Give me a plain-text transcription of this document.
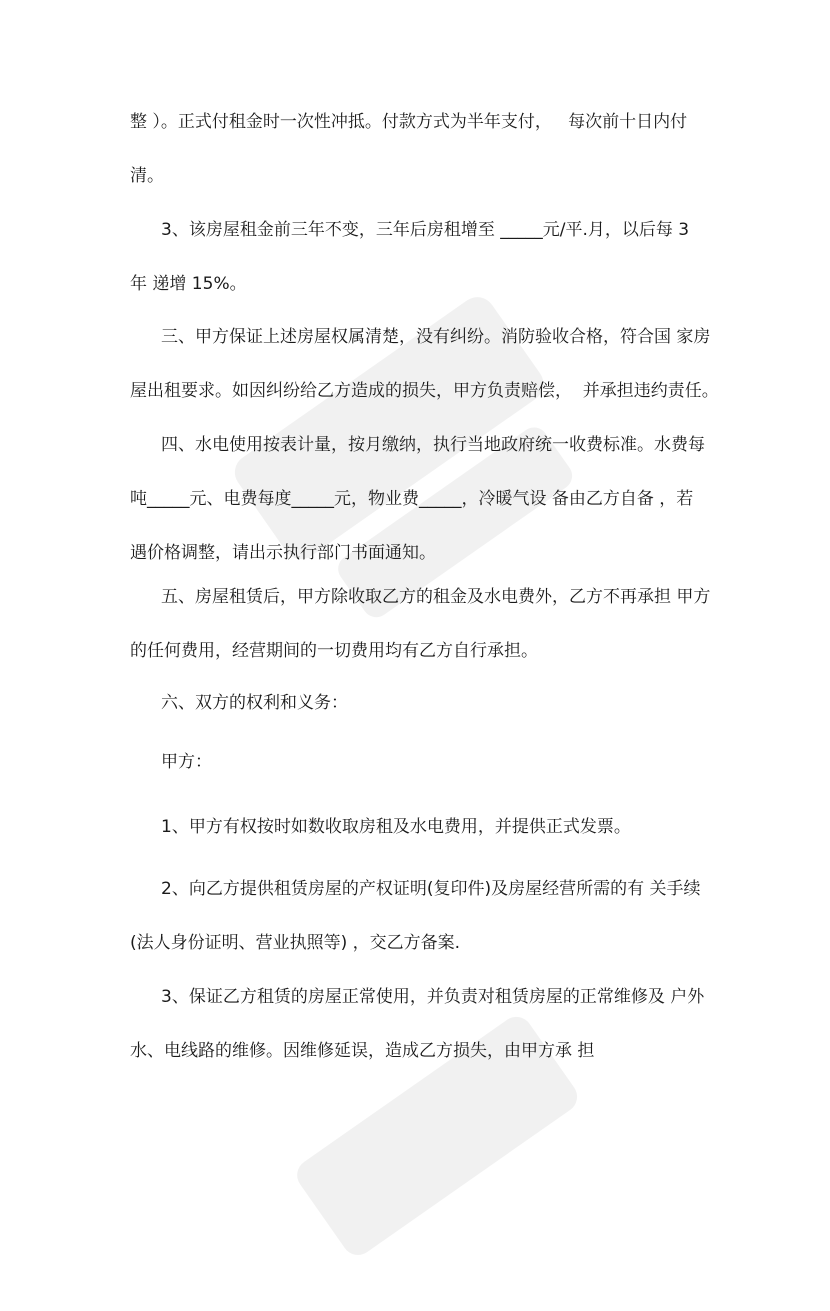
整 ）。正式付租金时一次性冲抵。付款方式为半年支付，   每次前十日内付
清。
3、该房屋租金前三年不变，三年后房租增至 _____元/平.月，以后每 3
年 递增 15%。
三、甲方保证上述房屋权属清楚，没有纠纷。消防验收合格，符合国 家房
屋出租要求。如因纠纷给乙方造成的损失，甲方负责赔偿，  并承担违约责任。
四、水电使用按表计量，按月缴纳，执行当地政府统一收费标准。水费每
吨_____元、电费每度_____元，物业费_____，冷暖气设 备由乙方自备 ，若
遇价格调整，请出示执行部门书面通知。
五、房屋租赁后，甲方除收取乙方的租金及水电费外，乙方不再承担 甲方
的任何费用，经营期间的一切费用均有乙方自行承担。
六、双方的权利和义务：
甲方：
1、甲方有权按时如数收取房租及水电费用，并提供正式发票。
2、向乙方提供租赁房屋的产权证明(复印件)及房屋经营所需的有 关手续
(法人身份证明、营业执照等) ，交乙方备案.
3、保证乙方租赁的房屋正常使用，并负责对租赁房屋的正常维修及 户外
水、电线路的维修。因维修延误，造成乙方损失，由甲方承 担
